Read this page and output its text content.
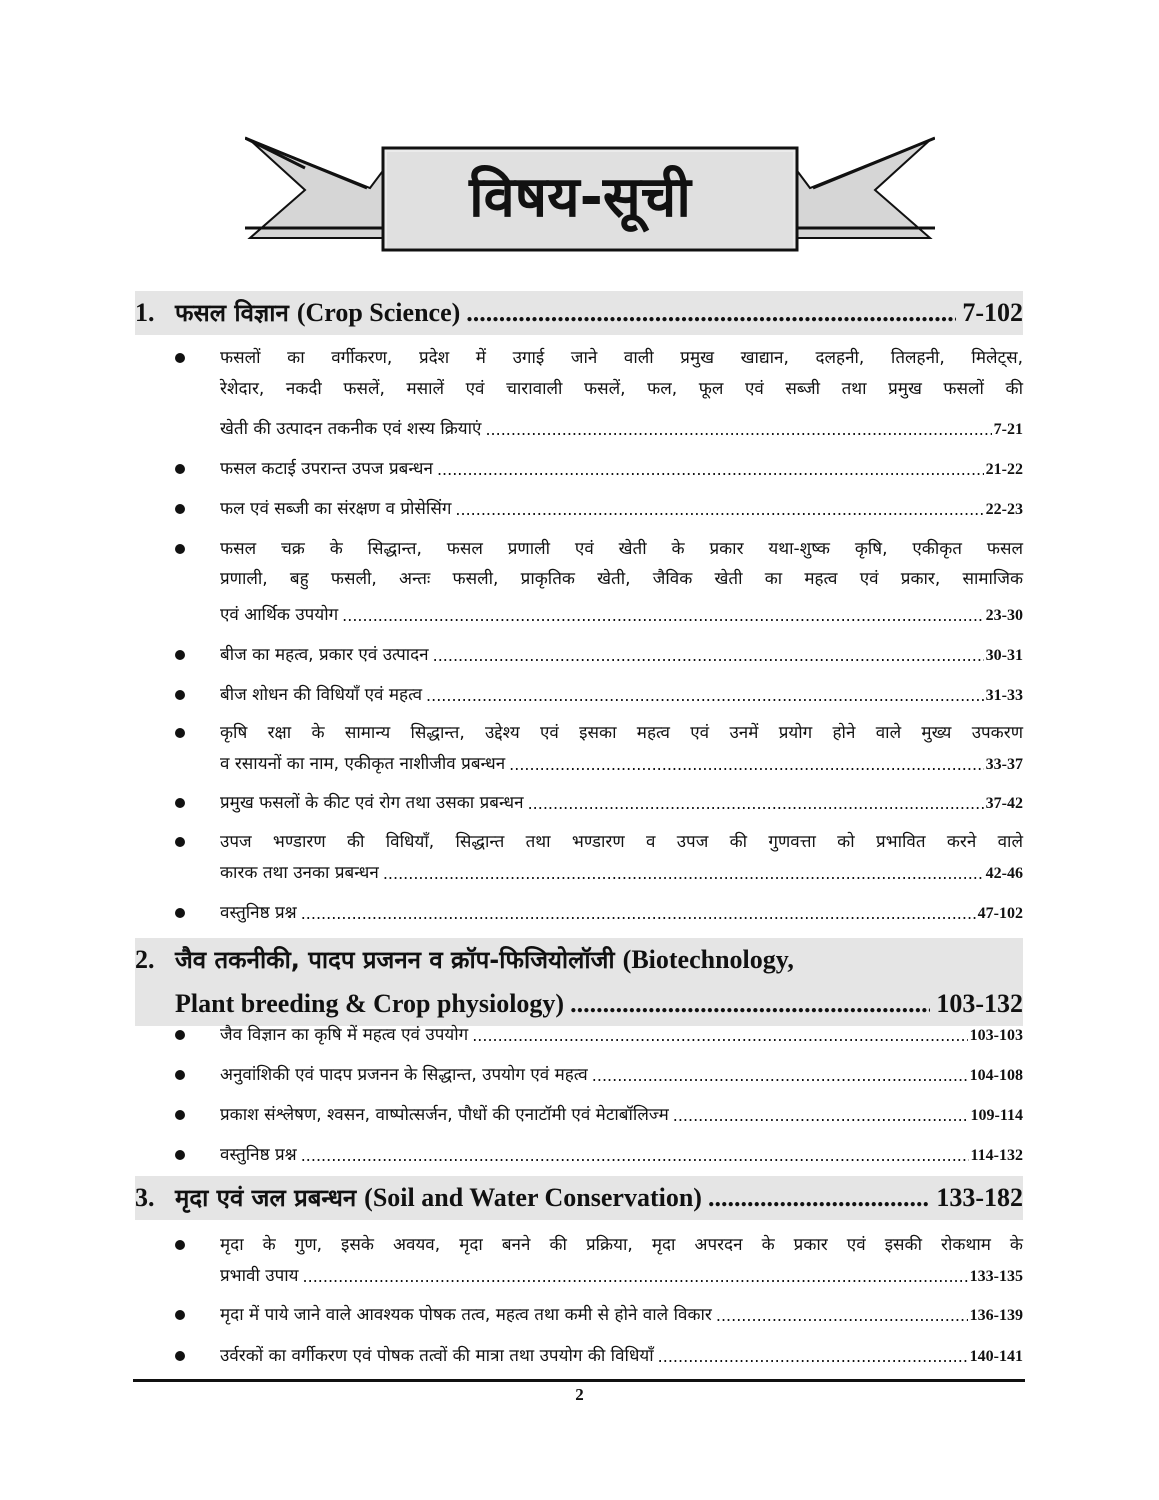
विषय-सूची
1. फसल विज्ञान (Crop Science) .....	7-102
फसलों का वर्गीकरण, प्रदेश में उगाई जाने वाली प्रमुख खाद्यान, दलहनी, तिलहनी, मिलेट्स,
रेशेदार, नकदी फसलें, मसालें एवं चारावाली फसलें, फल, फूल एवं सब्जी तथा प्रमुख फसलों की
खेती की उत्पादन तकनीक एवं शस्य क्रियाएं .....	7-21
फसल कटाई उपरान्त उपज प्रबन्धन .....	21-22
फल एवं सब्जी का संरक्षण व प्रोसेसिंग .....	22-23
फसल चक्र के सिद्धान्त, फसल प्रणाली एवं खेती के प्रकार यथा-शुष्क कृषि, एकीकृत फसल
प्रणाली, बहु फसली, अन्तः फसली, प्राकृतिक खेती, जैविक खेती का महत्व एवं प्रकार, सामाजिक
एवं आर्थिक उपयोग .....	23-30
बीज का महत्व, प्रकार एवं उत्पादन .....	30-31
बीज शोधन की विधियाँ एवं महत्व .....	31-33
कृषि रक्षा के सामान्य सिद्धान्त, उद्देश्य एवं इसका महत्व एवं उनमें प्रयोग होने वाले मुख्य उपकरण
व रसायनों का नाम, एकीकृत नाशीजीव प्रबन्धन .....	33-37
प्रमुख फसलों के कीट एवं रोग तथा उसका प्रबन्धन .....	37-42
उपज भण्डारण की विधियाँ, सिद्धान्त तथा भण्डारण व उपज की गुणवत्ता को प्रभावित करने वाले
कारक तथा उनका प्रबन्धन .....	42-46
वस्तुनिष्ठ प्रश्न .....	47-102
2. जैव तकनीकी, पादप प्रजनन व क्रॉप-फिजियोलॉजी (Biotechnology,
Plant breeding & Crop physiology) .....	103-132
जैव विज्ञान का कृषि में महत्व एवं उपयोग .....	103-103
अनुवांशिकी एवं पादप प्रजनन के सिद्धान्त, उपयोग एवं महत्व .....	104-108
प्रकाश संश्लेषण, श्वसन, वाष्पोत्सर्जन, पौधों की एनाटॉमी एवं मेटाबॉलिज्म .....	109-114
वस्तुनिष्ठ प्रश्न .....	114-132
3. मृदा एवं जल प्रबन्धन (Soil and Water Conservation) .....	133-182
मृदा के गुण, इसके अवयव, मृदा बनने की प्रक्रिया, मृदा अपरदन के प्रकार एवं इसकी रोकथाम के
प्रभावी उपाय .....	133-135
मृदा में पाये जाने वाले आवश्यक पोषक तत्व, महत्व तथा कमी से होने वाले विकार .....	136-139
उर्वरकों का वर्गीकरण एवं पोषक तत्वों की मात्रा तथा उपयोग की विधियाँ .....	140-141
2
